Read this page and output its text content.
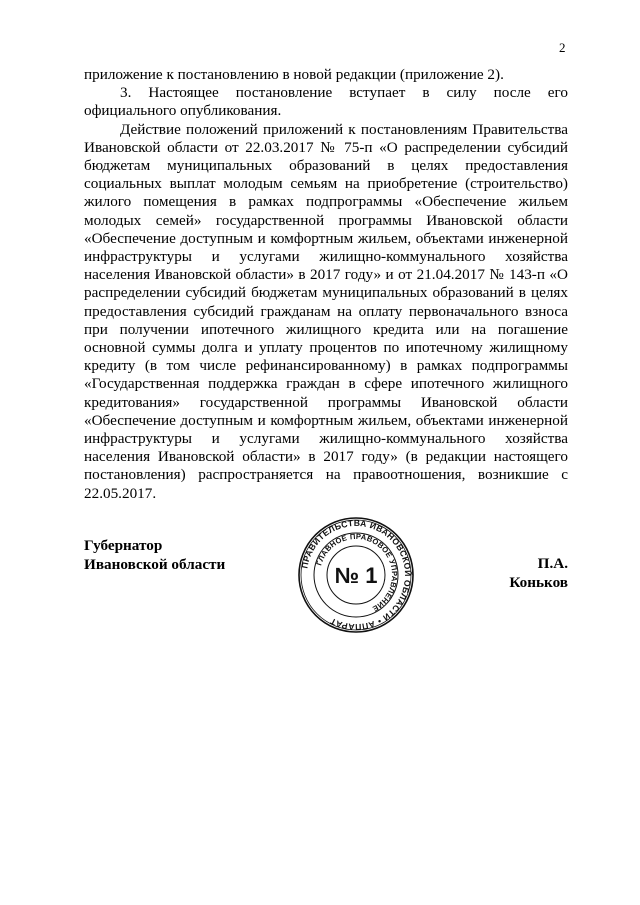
2

приложение к постановлению в новой редакции (приложение 2).

3. Настоящее постановление вступает в силу после его официального опубликования.

Действие положений приложений к постановлениям Правительства Ивановской области от 22.03.2017 № 75-п «О распределении субсидий бюджетам муниципальных образований в целях предоставления социальных выплат молодым семьям на приобретение (строительство) жилого помещения в рамках подпрограммы «Обеспечение жильем молодых семей» государственной программы Ивановской области «Обеспечение доступным и комфортным жильем, объектами инженерной инфраструктуры и услугами жилищно-коммунального хозяйства населения Ивановской области» в 2017 году» и от 21.04.2017 № 143-п «О распределении субсидий бюджетам муниципальных образований в целях предоставления субсидий гражданам на оплату первоначального взноса при получении ипотечного жилищного кредита или на погашение основной суммы долга и уплату процентов по ипотечному жилищному кредиту (в том числе рефинансированному) в рамках подпрограммы «Государственная поддержка граждан в сфере ипотечного жилищного кредитования» государственной программы Ивановской области «Обеспечение доступным и комфортным жильем, объектами инженерной инфраструктуры и услугами жилищно-коммунального хозяйства населения Ивановской области» в 2017 году» (в редакции настоящего постановления) распространяется на правоотношения, возникшие с 22.05.2017.

Губернатор
Ивановской области	ПРАВИТЕЛЬСТВА ИВАНОВСКОЙ ОБЛАСТИ • АППАРАТ
ГЛАВНОЕ ПРАВОВОЕ УПРАВЛЕНИЕ
№ 1	П.А. Коньков
